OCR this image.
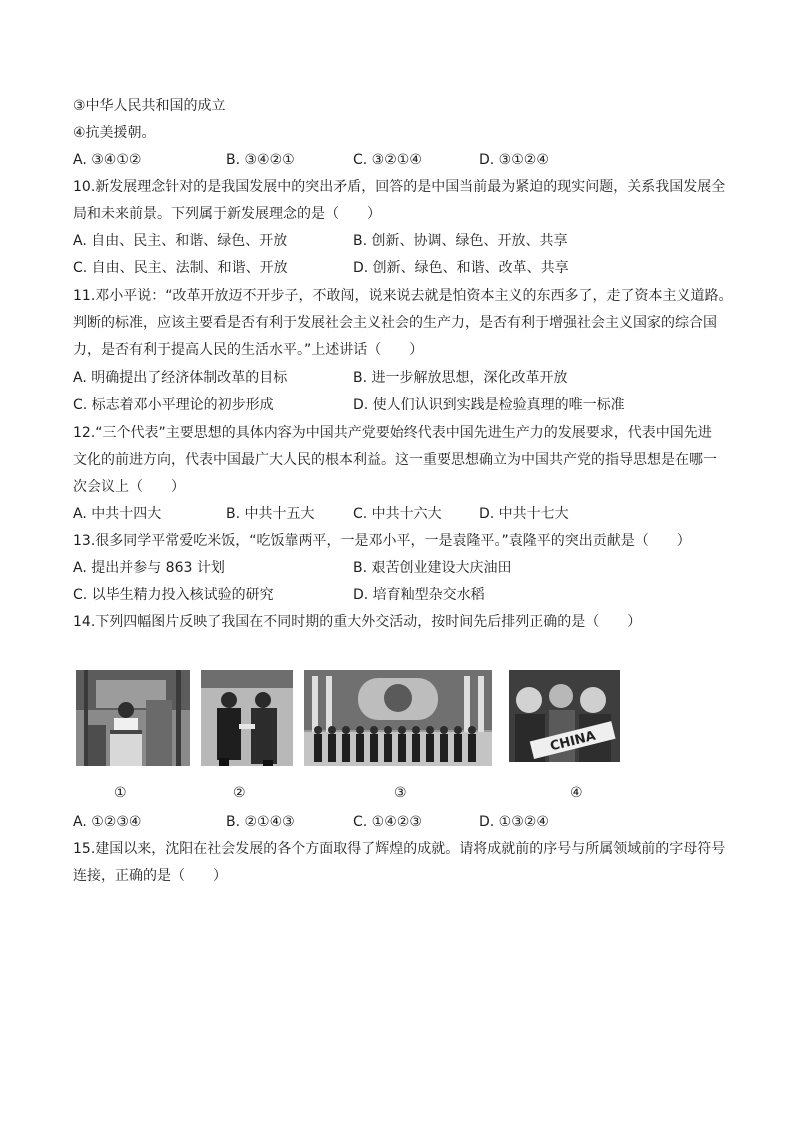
③中华人民共和国的成立
④抗美援朝。
A. ③④①②	B. ③④②①	C. ③②①④	D. ③①②④
10.新发展理念针对的是我国发展中的突出矛盾，回答的是中国当前最为紧迫的现实问题，关系我国发展全
局和未来前景。下列属于新发展理念的是（　　）
A. 自由、民主、和谐、绿色、开放	B. 创新、协调、绿色、开放、共享
C. 自由、民主、法制、和谐、开放	D. 创新、绿色、和谐、改革、共享
11.邓小平说：“改革开放迈不开步子，不敢闯，说来说去就是怕资本主义的东西多了，走了资本主义道路。
判断的标准，应该主要看是否有利于发展社会主义社会的生产力，是否有利于增强社会主义国家的综合国
力，是否有利于提高人民的生活水平。”上述讲话（　　）
A. 明确提出了经济体制改革的目标	B. 进一步解放思想，深化改革开放
C. 标志着邓小平理论的初步形成	D. 使人们认识到实践是检验真理的唯一标准
12.“三个代表”主要思想的具体内容为中国共产党要始终代表中国先进生产力的发展要求，代表中国先进
文化的前进方向，代表中国最广大人民的根本利益。这一重要思想确立为中国共产党的指导思想是在哪一
次会议上（　　）
A. 中共十四大	B. 中共十五大	C. 中共十六大	D. 中共十七大
13.很多同学平常爱吃米饭，“吃饭靠两平，一是邓小平，一是袁隆平。”袁隆平的突出贡献是（　　）
A. 提出并参与 863 计划	B. 艰苦创业建设大庆油田
C. 以毕生精力投入核试验的研究	D. 培育籼型杂交水稻
14.下列四幅图片反映了我国在不同时期的重大外交活动，按时间先后排列正确的是（　　）
CHINA
①	②	③	④
A. ①②③④	B. ②①④③	C. ①④②③	D. ①③②④
15.建国以来，沈阳在社会发展的各个方面取得了辉煌的成就。请将成就前的序号与所属领域前的字母符号
连接，正确的是（　　）
